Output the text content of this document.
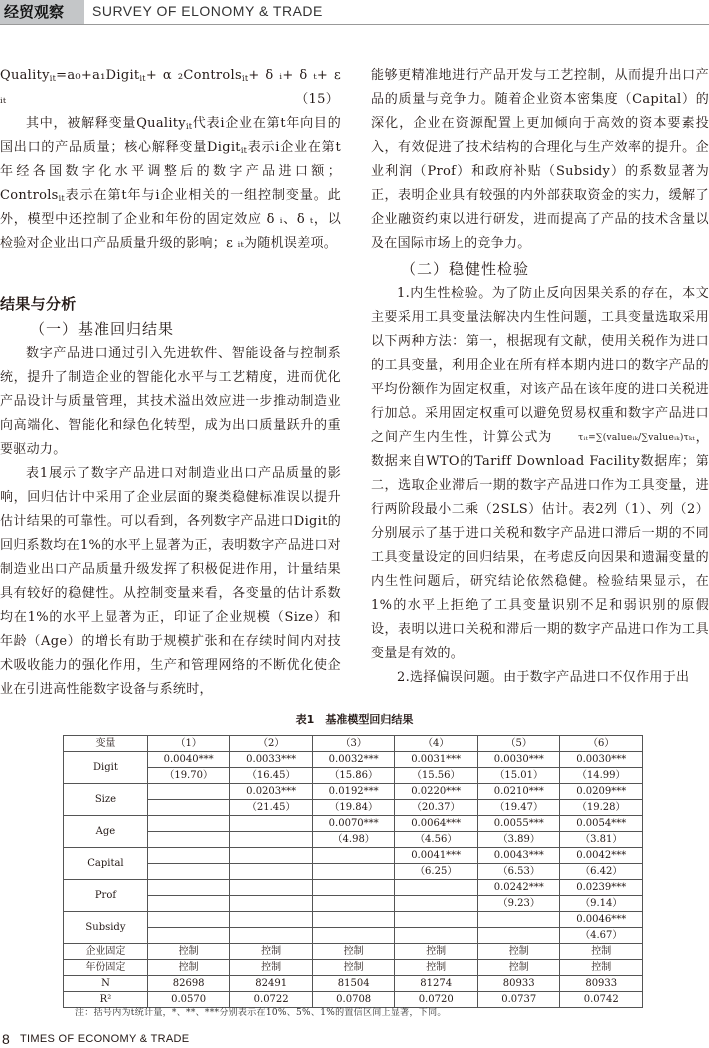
经贸观察	SURVEY OF ELONOMY & TRADE

Quality$_{it}$=a₀+a₁Digit$_{it}$+ α ₂Controls$_{it}$+ δ ᵢ+ δ ₜ+ ε ᵢₜ	（15）

其中，被解释变量Quality$_{it}$代表i企业在第t年向目的国出口的产品质量；核心解释变量Digit$_{it}$表示i企业在第t年经各国数字化水平调整后的数字产品进口额；Controls$_{it}$表示在第t年与i企业相关的一组控制变量。此外，模型中还控制了企业和年份的固定效应 δ ᵢ、δ ₜ，以检验对企业出口产品质量升级的影响；ε ᵢₜ为随机误差项。

结果与分析
（一）基准回归结果

数字产品进口通过引入先进软件、智能设备与控制系统，提升了制造企业的智能化水平与工艺精度，进而优化产品设计与质量管理，其技术溢出效应进一步推动制造业向高端化、智能化和绿色化转型，成为出口质量跃升的重要驱动力。

表1展示了数字产品进口对制造业出口产品质量的影响，回归估计中采用了企业层面的聚类稳健标准误以提升估计结果的可靠性。可以看到，各列数字产品进口Digit的回归系数均在1%的水平上显著为正，表明数字产品进口对制造业出口产品质量升级发挥了积极促进作用，计量结果具有较好的稳健性。从控制变量来看，各变量的估计系数均在1%的水平上显著为正，印证了企业规模（Size）和年龄（Age）的增长有助于规模扩张和在存续时间内对技术吸收能力的强化作用，生产和管理网络的不断优化使企业在引进高性能数字设备与系统时，

能够更精准地进行产品开发与工艺控制，从而提升出口产品的质量与竞争力。随着企业资本密集度（Capital）的深化，企业在资源配置上更加倾向于高效的资本要素投入，有效促进了技术结构的合理化与生产效率的提升。企业利润（Prof）和政府补贴（Subsidy）的系数显著为正，表明企业具有较强的内外部获取资金的实力，缓解了企业融资约束以进行研发，进而提高了产品的技术含量以及在国际市场上的竞争力。

（二）稳健性检验

1.内生性检验。为了防止反向因果关系的存在，本文主要采用工具变量法解决内生性问题，工具变量选取采用以下两种方法：第一，根据现有文献，使用关税作为进口的工具变量，利用企业在所有样本期内进口的数字产品的平均份额作为固定权重，对该产品在该年度的进口关税进行加总。采用固定权重可以避免贸易权重和数字产品进口之间产生内生性，计算公式为	τᵢₜ=∑(valueᵢₖ/∑valueᵢₖ)τₖₜ，数据来自WTO的Tariff Download Facility数据库；第二，选取企业滞后一期的数字产品进口作为工具变量，进行两阶段最小二乘（2SLS）估计。表2列（1）、列（2）分别展示了基于进口关税和数字产品进口滞后一期的不同工具变量设定的回归结果，在考虑反向因果和遗漏变量的内生性问题后，研究结论依然稳健。检验结果显示，在1%的水平上拒绝了工具变量识别不足和弱识别的原假设，表明以进口关税和滞后一期的数字产品进口作为工具变量是有效的。

2.选择偏误问题。由于数字产品进口不仅作用于出

表1　基准模型回归结果
变量	（1）	（2）	（3）	（4）	（5）	（6）
Digit	0.0040***	0.0033***	0.0032***	0.0031***	0.0030***	0.0030***
	（19.70）	（16.45）	（15.86）	（15.56）	（15.01）	（14.99）
Size		0.0203***	0.0192***	0.0220***	0.0210***	0.0209***
		（21.45）	（19.84）	（20.37）	（19.47）	（19.28）
Age			0.0070***	0.0064***	0.0055***	0.0054***
			（4.98）	（4.56）	（3.89）	（3.81）
Capital				0.0041***	0.0043***	0.0042***
				（6.25）	（6.53）	（6.42）
Prof					0.0242***	0.0239***
					（9.23）	（9.14）
Subsidy						0.0046***
						（4.67）
企业固定	控制	控制	控制	控制	控制	控制
年份固定	控制	控制	控制	控制	控制	控制
N	82698	82491	81504	81274	80933	80933
R²	0.0570	0.0722	0.0708	0.0720	0.0737	0.0742
注：括号内为t统计量，*、**、***分别表示在10%、5%、1%的置信区间上显著，下同。
8 TIMES OF ECONOMY & TRADE
